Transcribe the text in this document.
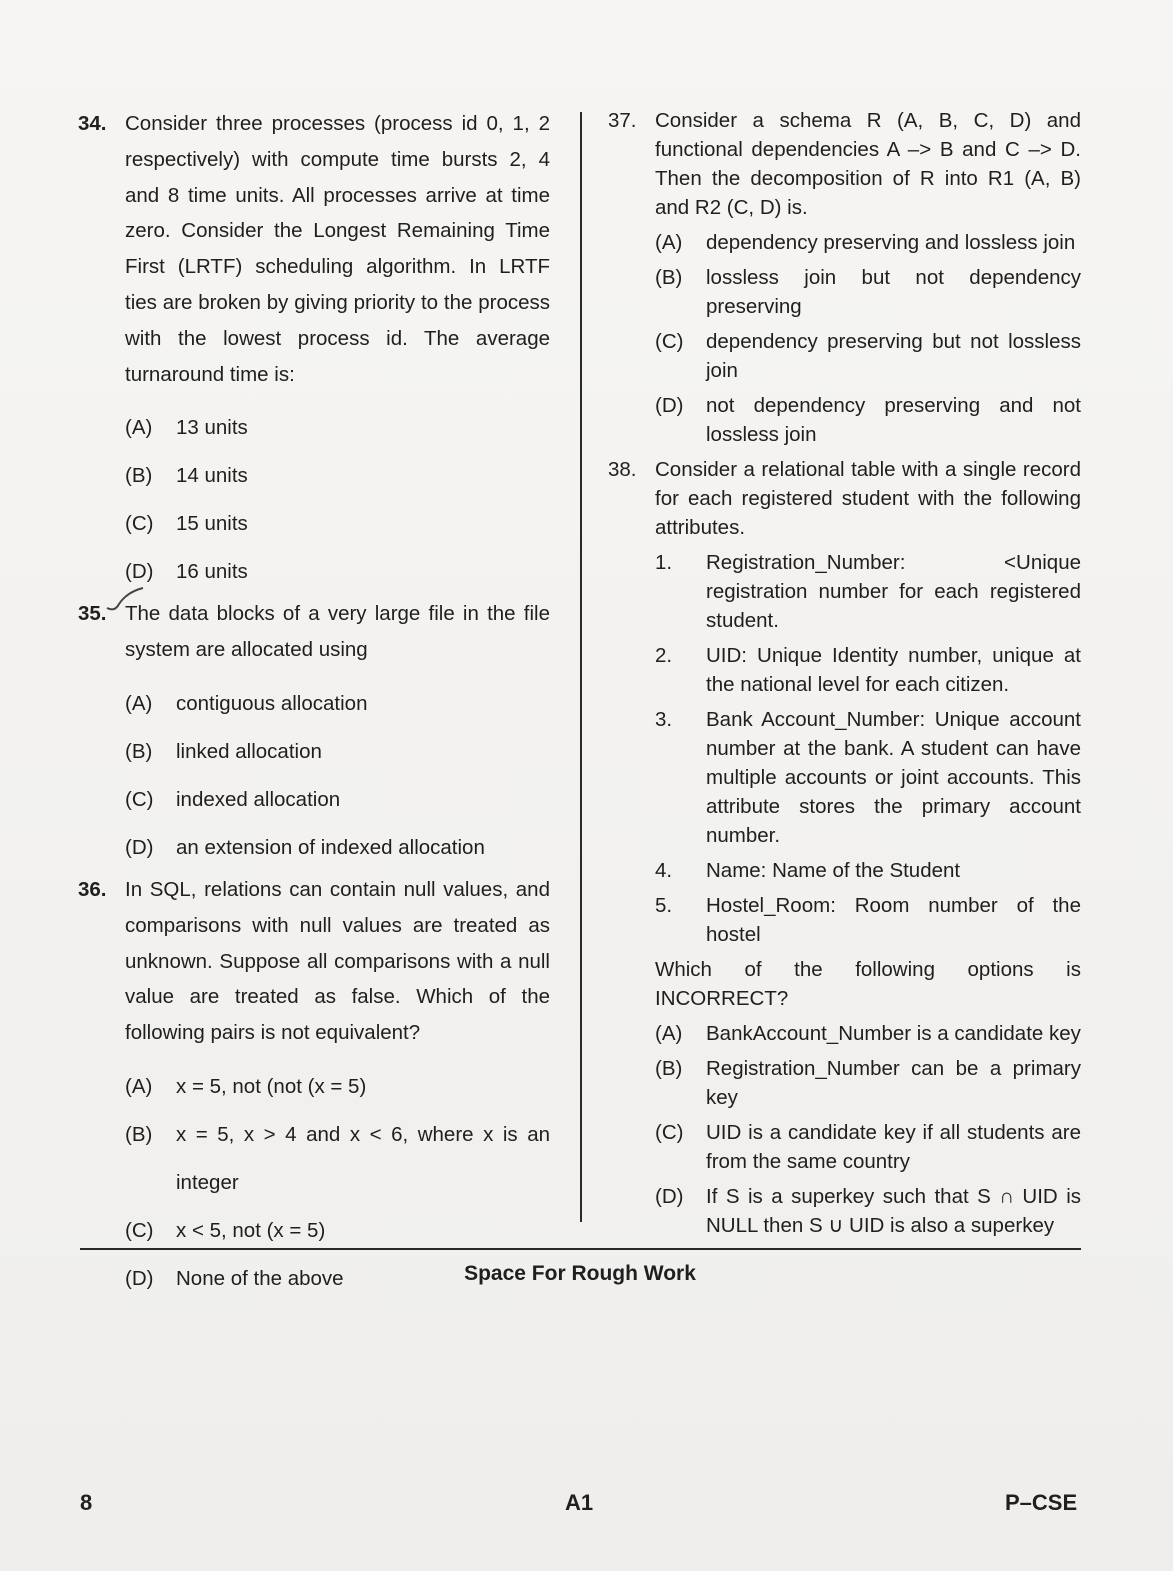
34. Consider three processes (process id 0, 1, 2 respectively) with compute time bursts 2, 4 and 8 time units. All processes arrive at time zero. Consider the Longest Remaining Time First (LRTF) scheduling algorithm. In LRTF ties are broken by giving priority to the process with the lowest process id. The average turnaround time is:
(A) 13 units
(B) 14 units
(C) 15 units
(D) 16 units
35. The data blocks of a very large file in the file system are allocated using
(A) contiguous allocation
(B) linked allocation
(C) indexed allocation
(D) an extension of indexed allocation
36. In SQL, relations can contain null values, and comparisons with null values are treated as unknown. Suppose all comparisons with a null value are treated as false. Which of the following pairs is not equivalent?
(A) x = 5, not (not (x = 5)
(B) x = 5, x > 4 and x < 6, where x is an integer
(C) x < 5, not (x = 5)
(D) None of the above
37. Consider a schema R (A, B, C, D) and functional dependencies A –> B and C –> D. Then the decomposition of R into R1 (A, B) and R2 (C, D) is.
(A) dependency preserving and lossless join
(B) lossless join but not dependency preserving
(C) dependency preserving but not lossless join
(D) not dependency preserving and not lossless join
38. Consider a relational table with a single record for each registered student with the following attributes.
1. Registration_Number: <Unique registration number for each registered student.
2. UID: Unique Identity number, unique at the national level for each citizen.
3. Bank Account_Number: Unique account number at the bank. A student can have multiple accounts or joint accounts. This attribute stores the primary account number.
4. Name: Name of the Student
5. Hostel_Room: Room number of the hostel
Which of the following options is INCORRECT?
(A) BankAccount_Number is a candidate key
(B) Registration_Number can be a primary key
(C) UID is a candidate key if all students are from the same country
(D) If S is a superkey such that S ∩ UID is NULL then S ∪ UID is also a superkey
Space For Rough Work
8	A1	P–CSE
